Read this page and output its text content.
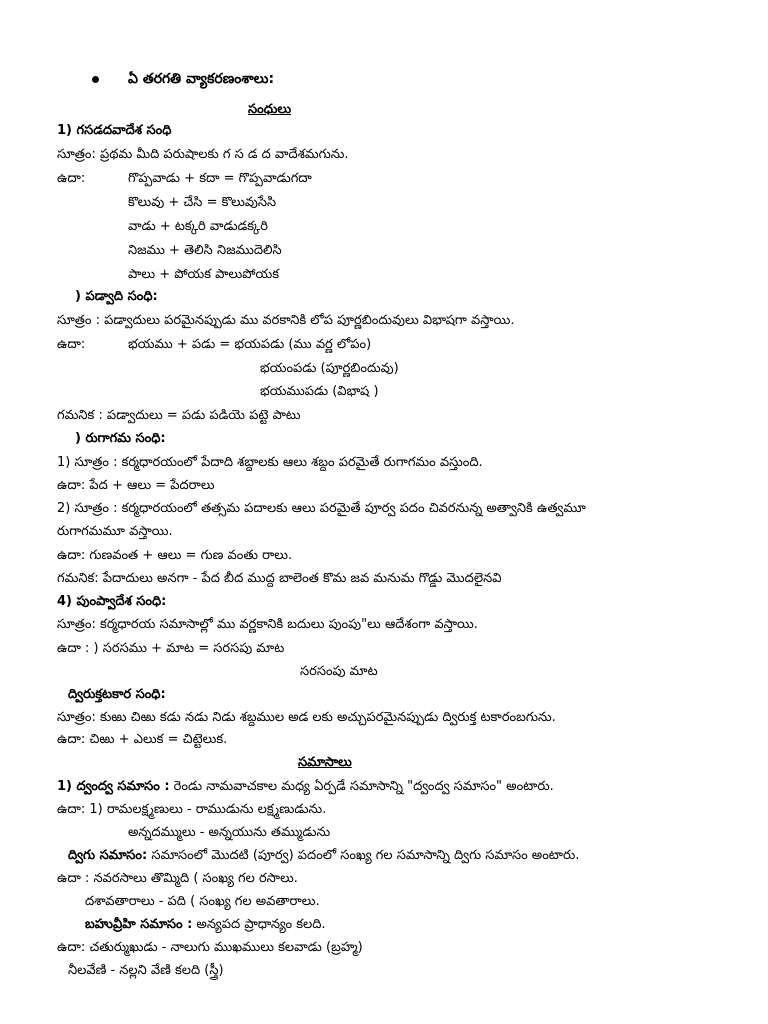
ఏ తరగతి వ్యాకరణంశాలు:
సంధులు
1) గసడదవాదేశ సంధి
సూత్రం: ప్రథమ మీది పరుషాలకు గ స డ ద వాదేశమగును.
ఉదా:	గొప్పవాడు + కదా = గొప్పవాడుగదా
కొలువు + చేసి = కొలువుసేసి
వాడు + టక్కరి వాడుడక్కరి
నిజము + తెలిసి నిజముదెలిసి
పాలు + పోయక పాలుపోయక
) పడ్వాది సంధి:
సూత్రం : పడ్వాదులు పరమైనప్పుడు ము వరకానికి లోప పూర్ణబిందువులు విభాషగా వస్తాయి.
ఉదా:	భయము + పడు = భయపడు (ము వర్ణ లోపం)
భయంపడు (పూర్ణబిందువు)
భయముపడు (విభాష )
గమనిక : పడ్వాదులు = పడు పడియె పట్టె పాటు
) రుగాగమ సంధి:
1) సూత్రం : కర్మధారయంలో పేదాది శబ్దాలకు ఆలు శబ్దం పరమైతే రుగాగమం వస్తుంది.
ఉదా: పేద + ఆలు = పేదరాలు
2) సూత్రం : కర్మధారయంలో తత్సమ పదాలకు ఆలు పరమైతే పూర్వ పదం చివరనున్న అత్వానికి ఉత్వమూ
రుగాగమమూ వస్తాయి.
ఉదా: గుణవంత + ఆలు = గుణ వంతు రాలు.
గమనిక: పేదాదులు అనగా - పేద బీద ముద్ద బాలెంత కొమ జవ మనుమ గొడ్డు మొదలైనవి
4) పుంప్వాదేశ సంధి:
సూత్రం: కర్మధారయ సమాసాల్లో ము వర్ణకానికి బదులు పుంపు"లు ఆదేశంగా వస్తాయి.
ఉదా : ) సరసము + మాట = సరసపు మాట
సరసంపు మాట
ద్విరుక్తటకార సంధి:
సూత్రం: కుఱు చిఱు కడు నడు నిడు శబ్దముల అడ లకు అచ్చుపరమైనప్పుడు ద్విరుక్త టకారంబగును.
ఉదా: చిఱు + ఎలుక = చిట్టెలుక.
సమాసాలు
1) ద్వంద్వ సమాసం : రెండు నామవాచకాల మధ్య ఏర్పడే సమాసాన్ని "ద్వంద్వ సమాసం" అంటారు.
ఉదా: 1) రామలక్ష్మణులు - రాముడును లక్ష్మణుడును.
అన్నదమ్ములు - అన్నయును తమ్ముడును
ద్విగు సమాసం: సమాసంలో మొదటి (పూర్వ) పదంలో సంఖ్య గల సమాసాన్ని ద్విగు సమాసం అంటారు.
ఉదా : నవరసాలు తొమ్మిది ( సంఖ్య గల రసాలు.
దశావతారాలు - పది ( సంఖ్య గల అవతారాలు.
బహువ్రీహి సమాసం : అన్యపద ప్రాధాన్యం కలది.
ఉదా: చతుర్ముఖుడు - నాలుగు ముఖములు కలవాడు (బ్రహ్మ)
నీలవేణి - నల్లని వేణి కలది (స్త్రీ)
